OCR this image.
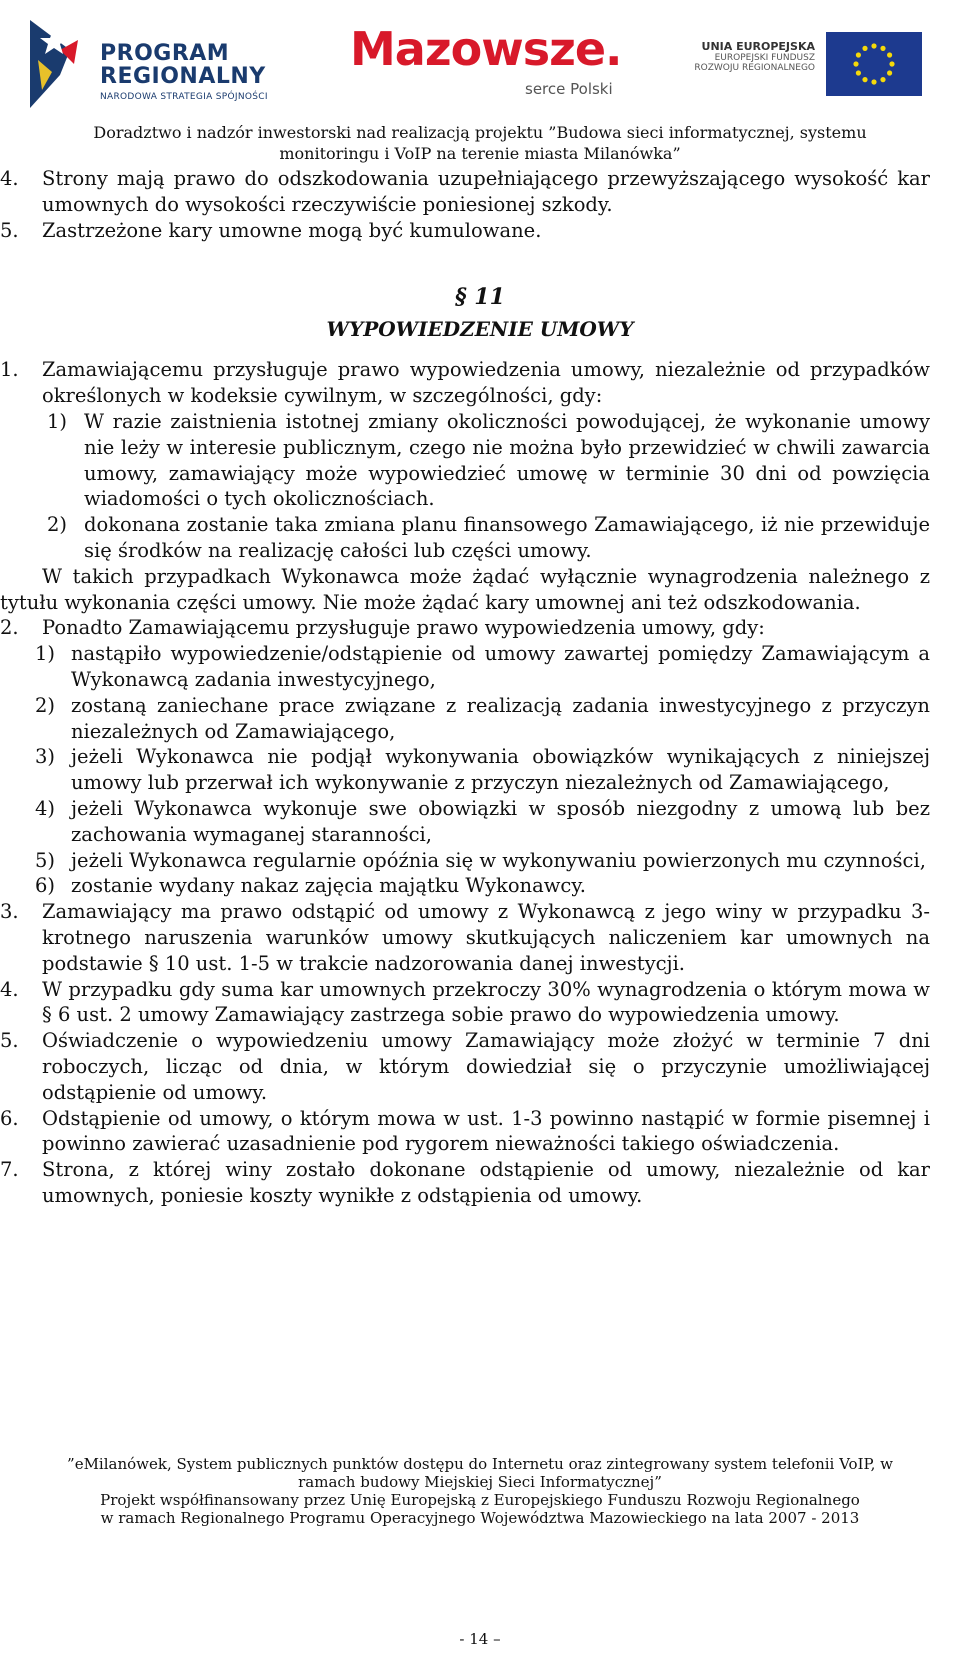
PROGRAM
REGIONALNY
NARODOWA STRATEGIA SPÓJNOŚCI
Mazowsze.
serce Polski
UNIA EUROPEJSKA
EUROPEJSKI FUNDUSZ
ROZWOJU REGIONALNEGO
Doradztwo i nadzór inwestorski nad realizacją projektu ”Budowa sieci informatycznej, systemu
monitoringu i VoIP na terenie miasta Milanówka”
4. Strony mają prawo do odszkodowania uzupełniającego przewyższającego wysokość kar umownych do wysokości rzeczywiście poniesionej szkody.
5. Zastrzeżone kary umowne mogą być kumulowane.
§ 11
WYPOWIEDZENIE UMOWY
1. Zamawiającemu przysługuje prawo wypowiedzenia umowy, niezależnie od przypadków określonych w kodeksie cywilnym, w szczególności, gdy:
1) W razie zaistnienia istotnej zmiany okoliczności powodującej, że wykonanie umowy nie leży w interesie publicznym, czego nie można było przewidzieć w chwili zawarcia umowy, zamawiający może wypowiedzieć umowę w terminie 30 dni od powzięcia wiadomości o tych okolicznościach.
2) dokonana zostanie taka zmiana planu finansowego Zamawiającego, iż nie przewiduje się środków na realizację całości lub części umowy.
W takich przypadkach Wykonawca może żądać wyłącznie wynagrodzenia należnego z tytułu wykonania części umowy. Nie może żądać kary umownej ani też odszkodowania.
2. Ponadto Zamawiającemu przysługuje prawo wypowiedzenia umowy, gdy:
1) nastąpiło wypowiedzenie/odstąpienie od umowy zawartej pomiędzy Zamawiającym a Wykonawcą zadania inwestycyjnego,
2) zostaną zaniechane prace związane z realizacją zadania inwestycyjnego z przyczyn niezależnych od Zamawiającego,
3) jeżeli Wykonawca nie podjął wykonywania obowiązków wynikających z niniejszej umowy lub przerwał ich wykonywanie z przyczyn niezależnych od Zamawiającego,
4) jeżeli Wykonawca wykonuje swe obowiązki w sposób niezgodny z umową lub bez zachowania wymaganej staranności,
5) jeżeli Wykonawca regularnie opóźnia się w wykonywaniu powierzonych mu czynności,
6) zostanie wydany nakaz zajęcia majątku Wykonawcy.
3. Zamawiający ma prawo odstąpić od umowy z Wykonawcą z jego winy w przypadku 3-krotnego naruszenia warunków umowy skutkujących naliczeniem kar umownych na podstawie § 10 ust. 1-5 w trakcie nadzorowania danej inwestycji.
4. W przypadku gdy suma kar umownych przekroczy 30% wynagrodzenia o którym mowa w § 6 ust. 2 umowy Zamawiający zastrzega sobie prawo do wypowiedzenia umowy.
5. Oświadczenie o wypowiedzeniu umowy Zamawiający może złożyć w terminie 7 dni roboczych, licząc od dnia, w którym dowiedział się o przyczynie umożliwiającej odstąpienie od umowy.
6. Odstąpienie od umowy, o którym mowa w ust. 1-3 powinno nastąpić w formie pisemnej i powinno zawierać uzasadnienie pod rygorem nieważności takiego oświadczenia.
7. Strona, z której winy zostało dokonane odstąpienie od umowy, niezależnie od kar umownych, poniesie koszty wynikłe z odstąpienia od umowy.
”eMilanówek, System publicznych punktów dostępu do Internetu oraz zintegrowany system telefonii VoIP, w
ramach budowy Miejskiej Sieci Informatycznej”
Projekt współfinansowany przez Unię Europejską z Europejskiego Funduszu Rozwoju Regionalnego
w ramach Regionalnego Programu Operacyjnego Województwa Mazowieckiego na lata 2007 - 2013
- 14 –
